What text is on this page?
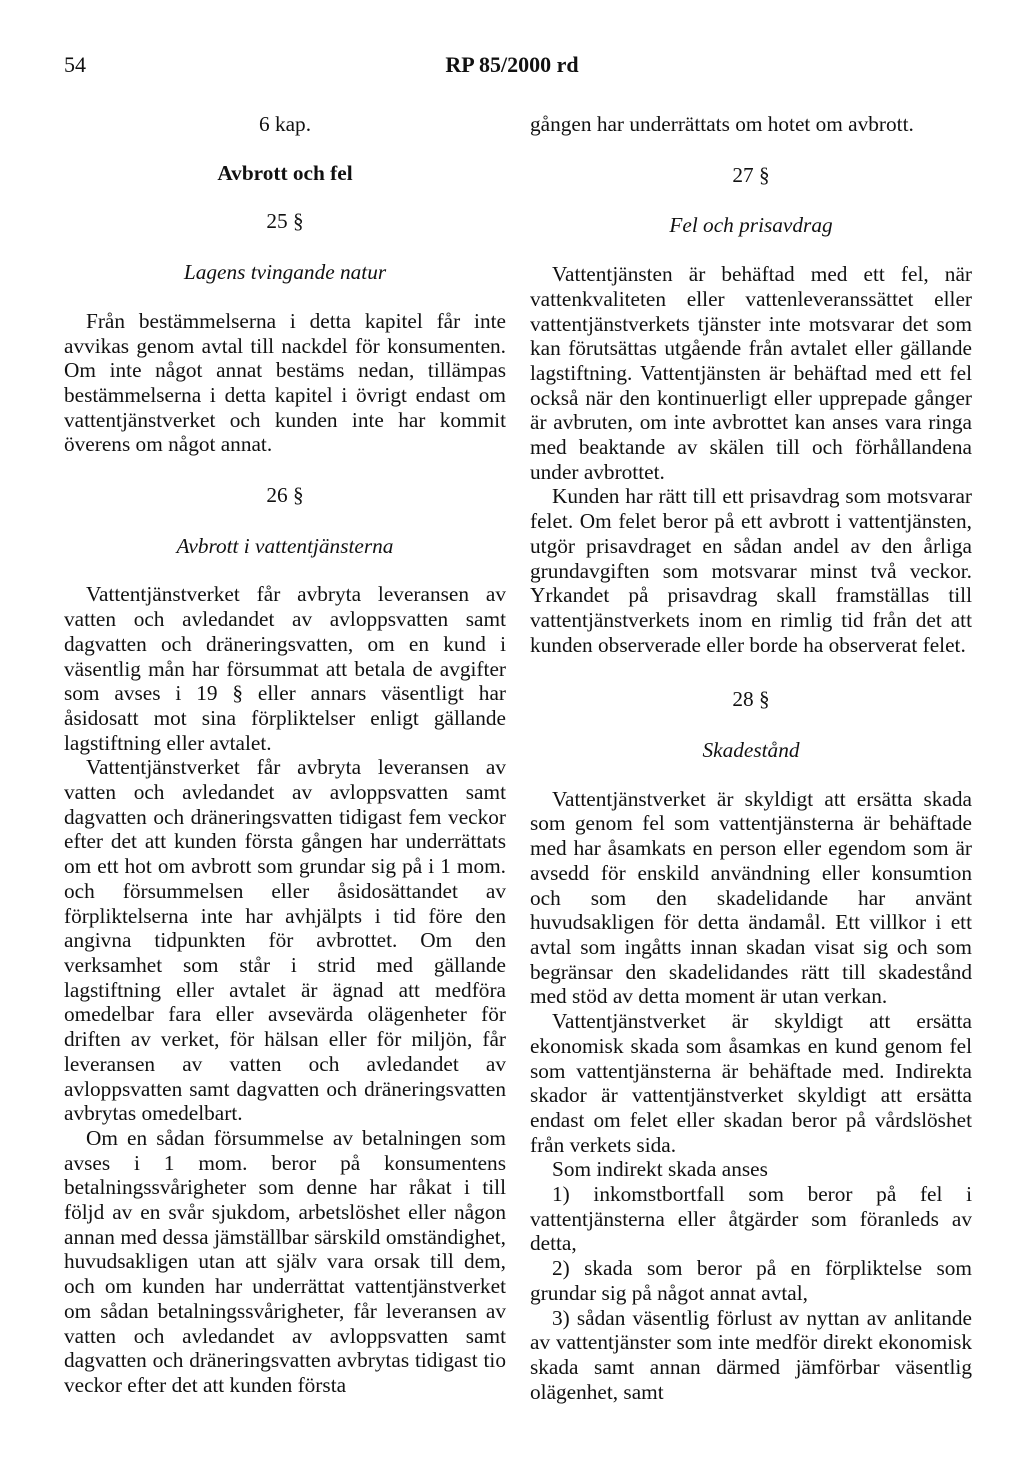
54	RP 85/2000 rd
6 kap.
Avbrott och fel
25 §
Lagens tvingande natur

Från bestämmelserna i detta kapitel får inte avvikas genom avtal till nackdel för konsumenten. Om inte något annat bestäms nedan, tillämpas bestämmelserna i detta kapitel i övrigt endast om vattentjänstverket och kunden inte har kommit överens om något annat.

26 §
Avbrott i vattentjänsterna

Vattentjänstverket får avbryta leveransen av vatten och avledandet av avloppsvatten samt dagvatten och dräneringsvatten, om en kund i väsentlig mån har försummat att betala de avgifter som avses i 19 § eller annars väsentligt har åsidosatt mot sina förpliktelser enligt gällande lagstiftning eller avtalet.

Vattentjänstverket får avbryta leveransen av vatten och avledandet av avloppsvatten samt dagvatten och dräneringsvatten tidigast fem veckor efter det att kunden första gången har underrättats om ett hot om avbrott som grundar sig på i 1 mom. och försummelsen eller åsidosättandet av förpliktelserna inte har avhjälpts i tid före den angivna tidpunkten för avbrottet. Om den verksamhet som står i strid med gällande lagstiftning eller avtalet är ägnad att medföra omedelbar fara eller avsevärda olägenheter för driften av verket, för hälsan eller för miljön, får leveransen av vatten och avledandet av avloppsvatten samt dagvatten och dräneringsvatten avbrytas omedelbart.

Om en sådan försummelse av betalningen som avses i 1 mom. beror på konsumentens betalningssvårigheter som denne har råkat i till följd av en svår sjukdom, arbetslöshet eller någon annan med dessa jämställbar särskild omständighet, huvudsakligen utan att själv vara orsak till dem, och om kunden har underrättat vattentjänstverket om sådan betalningssvårigheter, får leveransen av vatten och avledandet av avloppsvatten samt dagvatten och dräneringsvatten avbrytas tidigast tio veckor efter det att kunden första

gången har underrättats om hotet om avbrott.

27 §
Fel och prisavdrag

Vattentjänsten är behäftad med ett fel, när vattenkvaliteten eller vattenleveranssättet eller vattentjänstverkets tjänster inte motsvarar det som kan förutsättas utgående från avtalet eller gällande lagstiftning. Vattentjänsten är behäftad med ett fel också när den kontinuerligt eller upprepade gånger är avbruten, om inte avbrottet kan anses vara ringa med beaktande av skälen till och förhållandena under avbrottet.

Kunden har rätt till ett prisavdrag som motsvarar felet. Om felet beror på ett avbrott i vattentjänsten, utgör prisavdraget en sådan andel av den årliga grundavgiften som motsvarar minst två veckor. Yrkandet på prisavdrag skall framställas till vattentjänstverkets inom en rimlig tid från det att kunden observerade eller borde ha observerat felet.

28 §
Skadestånd

Vattentjänstverket är skyldigt att ersätta skada som genom fel som vattentjänsterna är behäftade med har åsamkats en person eller egendom som är avsedd för enskild användning eller konsumtion och som den skadelidande har använt huvudsakligen för detta ändamål. Ett villkor i ett avtal som ingåtts innan skadan visat sig och som begränsar den skadelidandes rätt till skadestånd med stöd av detta moment är utan verkan.

Vattentjänstverket är skyldigt att ersätta ekonomisk skada som åsamkas en kund genom fel som vattentjänsterna är behäftade med. Indirekta skador är vattentjänstverket skyldigt att ersätta endast om felet eller skadan beror på vårdslöshet från verkets sida.

Som indirekt skada anses

1) inkomstbortfall som beror på fel i vattentjänsterna eller åtgärder som föranleds av detta,

2) skada som beror på en förpliktelse som grundar sig på något annat avtal,

3) sådan väsentlig förlust av nyttan av anlitande av vattentjänster som inte medför direkt ekonomisk skada samt annan därmed jämförbar väsentlig olägenhet, samt
